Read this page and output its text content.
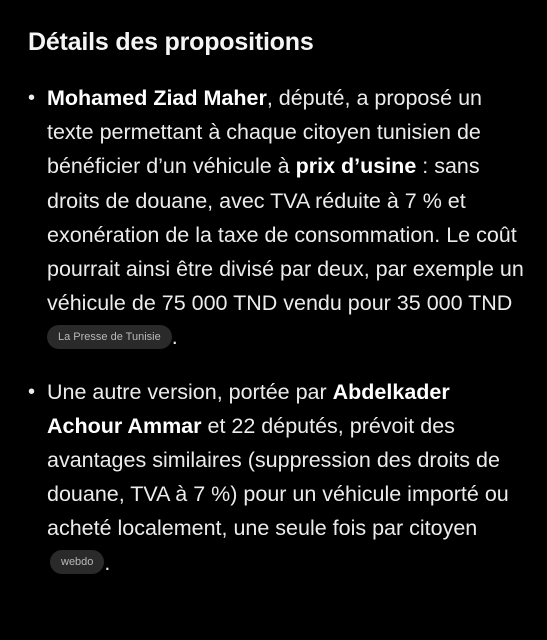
Détails des propositions
• Mohamed Ziad Maher, député, a proposé un texte permettant à chaque citoyen tunisien de bénéficier d’un véhicule à prix d’usine : sans droits de douane, avec TVA réduite à 7 % et exonération de la taxe de consommation. Le coût pourrait ainsi être divisé par deux, par exemple un véhicule de 75 000 TND vendu pour 35 000 TND
La Presse de Tunisie .
• Une autre version, portée par Abdelkader Achour Ammar et 22 députés, prévoit des avantages similaires (suppression des droits de douane, TVA à 7 %) pour un véhicule importé ou acheté localement, une seule fois par citoyen webdo .
